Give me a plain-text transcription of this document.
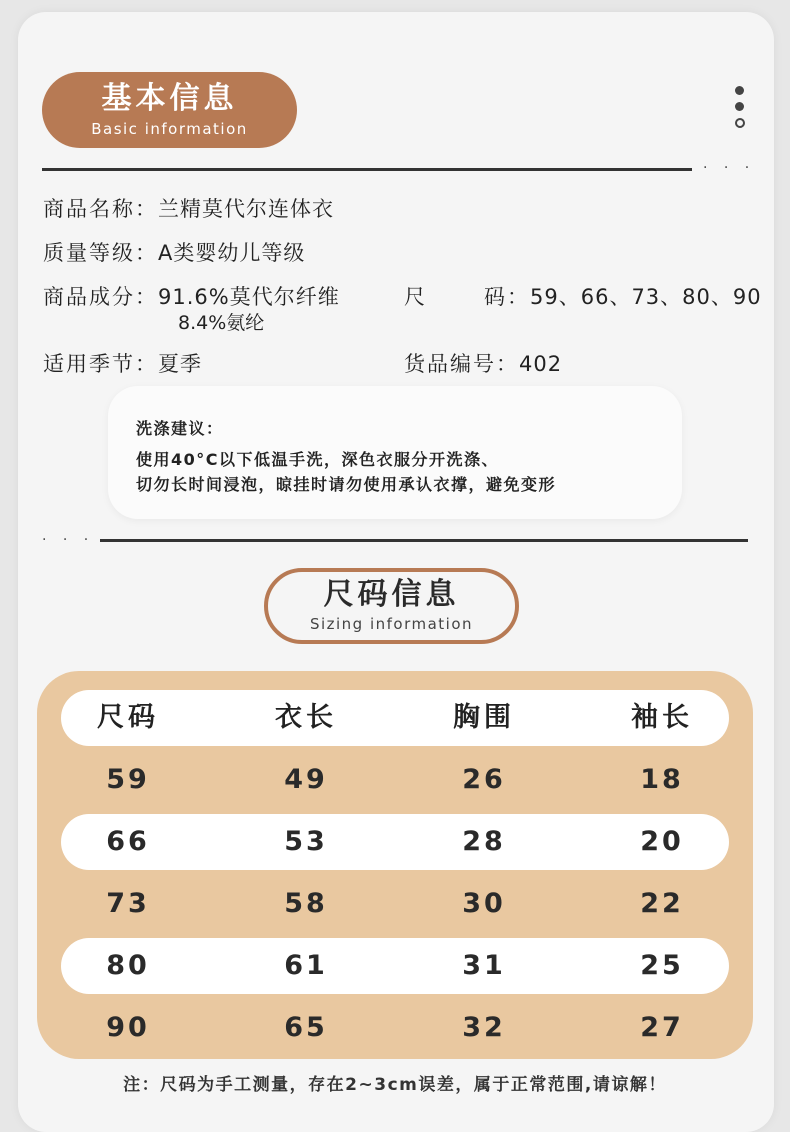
基本信息
Basic information
. . .
商品名称：兰精莫代尔连体衣
质量等级：A类婴幼儿等级
商品成分：91.6%莫代尔纤维
8.4%氨纶
尺	码：59、66、73、80、90
适用季节：夏季	货品编号：402
洗涤建议：
使用40°C以下低温手洗，深色衣服分开洗涤、
切勿长时间浸泡，晾挂时请勿使用承认衣撑，避免变形
. . .
尺码信息
Sizing information
尺码	衣长	胸围	袖长
59	49	26	18
66	53	28	20
73	58	30	22
80	61	31	25
90	65	32	27
注：尺码为手工测量，存在2~3cm误差，属于正常范围,请谅解！
